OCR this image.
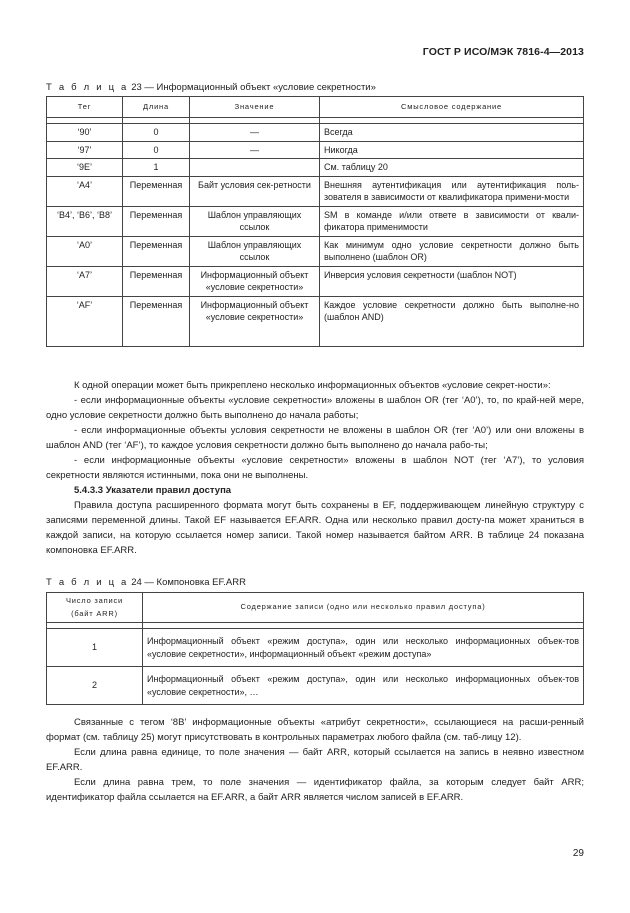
ГОСТ Р ИСО/МЭК 7816-4—2013
Т а б л и ц а 23 — Информационный объект «условие секретности»
Тег	Длина	Значение	Смысловое содержание

‘90’	0	—	Всегда
‘97’	0	—	Никогда
‘9E’	1		См. таблицу 20
‘A4’	Переменная	Байт условия сек-ретности	Внешняя аутентификация или аутентификация поль-зователя в зависимости от квалификатора примени-мости
‘B4’, ‘B6’, ‘B8’	Переменная	Шаблон управляющих ссылок	SM в команде и/или ответе в зависимости от квали-фикатора применимости
‘A0’	Переменная	Шаблон управляющих ссылок	Как минимум одно условие секретности должно быть выполнено (шаблон OR)
‘A7’	Переменная	Информационный объект «условие секретности»	Инверсия условия секретности (шаблон NOT)
‘AF’	Переменная	Информационный объект «условие секретности»	Каждое условие секретности должно быть выполне-но (шаблон AND)

К одной операции может быть прикреплено несколько информационных объектов «условие секрет-ности»:

- если информационные объекты «условие секретности» вложены в шаблон OR (тег ‘A0’), то, по край-ней мере, одно условие секретности должно быть выполнено до начала работы;

- если информационные объекты условия секретности не вложены в шаблон OR (тег ‘A0’) или они вложены в шаблон AND (тег ‘AF’), то каждое условия секретности должно быть выполнено до начала рабо-ты;

- если информационные объекты «условие секретности» вложены в шаблон NOT (тег ‘A7’), то условия секретности являются истинными, пока они не выполнены.

5.4.3.3 Указатели правил доступа

Правила доступа расширенного формата могут быть сохранены в EF, поддерживающем линейную структуру с записями переменной длины. Такой EF называется EF.ARR. Одна или несколько правил досту-па может храниться в каждой записи, на которую ссылается номер записи. Такой номер называется байтом ARR. В таблице 24 показана компоновка EF.ARR.

Т а б л и ц а 24 — Компоновка EF.ARR
Число записи
(байт ARR)	Содержание записи (одно или несколько правил доступа)

1	Информационный объект «режим доступа», один или несколько информационных объек-тов «условие секретности», информационный объект «режим доступа»
2	Информационный объект «режим доступа», один или несколько информационных объек-тов «условие секретности», …

Связанные с тегом ‘8B’ информационные объекты «атрибут секретности», ссылающиеся на расши-ренный формат (см. таблицу 25) могут присутствовать в контрольных параметрах любого файла (см. таб-лицу 12).

Если длина равна единице, то поле значения — байт ARR, который ссылается на запись в неявно известном EF.ARR.

Если длина равна трем, то поле значения — идентификатор файла, за которым следует байт ARR; идентификатор файла ссылается на EF.ARR, а байт ARR является числом записей в EF.ARR.

29
